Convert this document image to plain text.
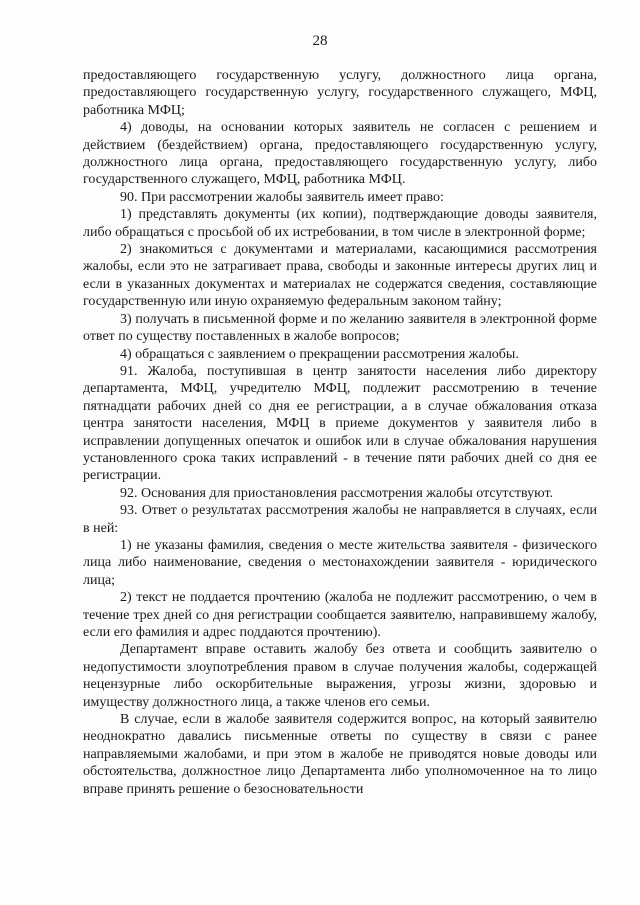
28

предоставляющего государственную услугу, должностного лица органа, предоставляющего государственную услугу, государственного служащего, МФЦ, работника МФЦ;

4) доводы, на основании которых заявитель не согласен с решением и действием (бездействием) органа, предоставляющего государственную услугу, должностного лица органа, предоставляющего государственную услугу, либо государственного служащего, МФЦ, работника МФЦ.

90. При рассмотрении жалобы заявитель имеет право:

1) представлять документы (их копии), подтверждающие доводы заявителя, либо обращаться с просьбой об их истребовании, в том числе в электронной форме;

2) знакомиться с документами и материалами, касающимися рассмотрения жалобы, если это не затрагивает права, свободы и законные интересы других лиц и если в указанных документах и материалах не содержатся сведения, составляющие государственную или иную охраняемую федеральным законом тайну;

3) получать в письменной форме и по желанию заявителя в электронной форме ответ по существу поставленных в жалобе вопросов;

4) обращаться с заявлением о прекращении рассмотрения жалобы.

91. Жалоба, поступившая в центр занятости населения либо директору департамента, МФЦ, учредителю МФЦ, подлежит рассмотрению в течение пятнадцати рабочих дней со дня ее регистрации, а в случае обжалования отказа центра занятости населения, МФЦ в приеме документов у заявителя либо в исправлении допущенных опечаток и ошибок или в случае обжалования нарушения установленного срока таких исправлений - в течение пяти рабочих дней со дня ее регистрации.

92. Основания для приостановления рассмотрения жалобы отсутствуют.

93. Ответ о результатах рассмотрения жалобы не направляется в случаях, если в ней:

1) не указаны фамилия, сведения о месте жительства заявителя - физического лица либо наименование, сведения о местонахождении заявителя - юридического лица;

2) текст не поддается прочтению (жалоба не подлежит рассмотрению, о чем в течение трех дней со дня регистрации сообщается заявителю, направившему жалобу, если его фамилия и адрес поддаются прочтению).

Департамент вправе оставить жалобу без ответа и сообщить заявителю о недопустимости злоупотребления правом в случае получения жалобы, содержащей нецензурные либо оскорбительные выражения, угрозы жизни, здоровью и имуществу должностного лица, а также членов его семьи.

В случае, если в жалобе заявителя содержится вопрос, на который заявителю неоднократно давались письменные ответы по существу в связи с ранее направляемыми жалобами, и при этом в жалобе не приводятся новые доводы или обстоятельства, должностное лицо Департамента либо уполномоченное на то лицо вправе принять решение о безосновательности
